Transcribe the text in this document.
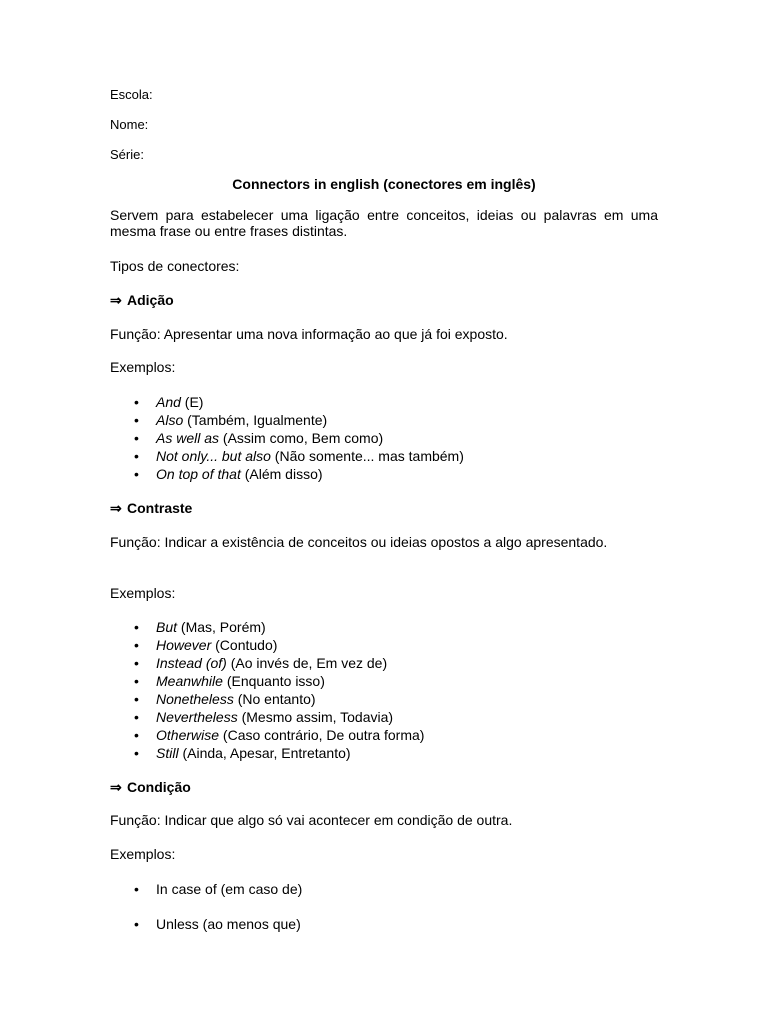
Escola:
Nome:
Série:
Connectors in english (conectores em inglês)
Servem para estabelecer uma ligação entre conceitos, ideias ou palavras em uma mesma frase ou entre frases distintas.
Tipos de conectores:
⇒ Adição
Função: Apresentar uma nova informação ao que já foi exposto.
Exemplos:
• And (E)
• Also (Também, Igualmente)
• As well as (Assim como, Bem como)
• Not only... but also (Não somente... mas também)
• On top of that (Além disso)
⇒ Contraste
Função: Indicar a existência de conceitos ou ideias opostos a algo apresentado.
Exemplos:
• But (Mas, Porém)
• However (Contudo)
• Instead (of) (Ao invés de, Em vez de)
• Meanwhile (Enquanto isso)
• Nonetheless (No entanto)
• Nevertheless (Mesmo assim, Todavia)
• Otherwise (Caso contrário, De outra forma)
• Still (Ainda, Apesar, Entretanto)
⇒ Condição
Função: Indicar que algo só vai acontecer em condição de outra.
Exemplos:
• In case of (em caso de)
• Unless (ao menos que)
